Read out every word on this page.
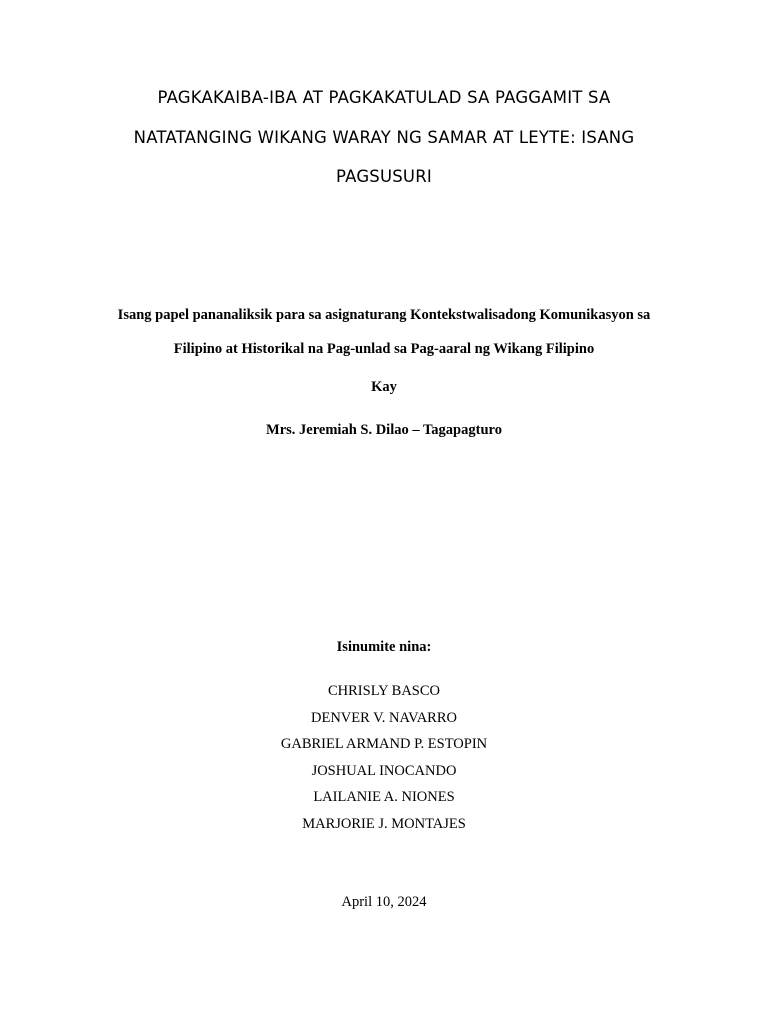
PAGKAKAIBA-IBA AT PAGKAKATULAD SA PAGGAMIT SA
NATATANGING WIKANG WARAY NG SAMAR AT LEYTE: ISANG
PAGSUSURI
Isang papel pananaliksik para sa asignaturang Kontekstwalisadong Komunikasyon sa
Filipino at Historikal na Pag-unlad sa Pag-aaral ng Wikang Filipino
Kay
Mrs. Jeremiah S. Dilao – Tagapagturo
Isinumite nina:
CHRISLY BASCO
DENVER V. NAVARRO
GABRIEL ARMAND P. ESTOPIN
JOSHUAL INOCANDO
LAILANIE A. NIONES
MARJORIE J. MONTAJES
April 10, 2024
